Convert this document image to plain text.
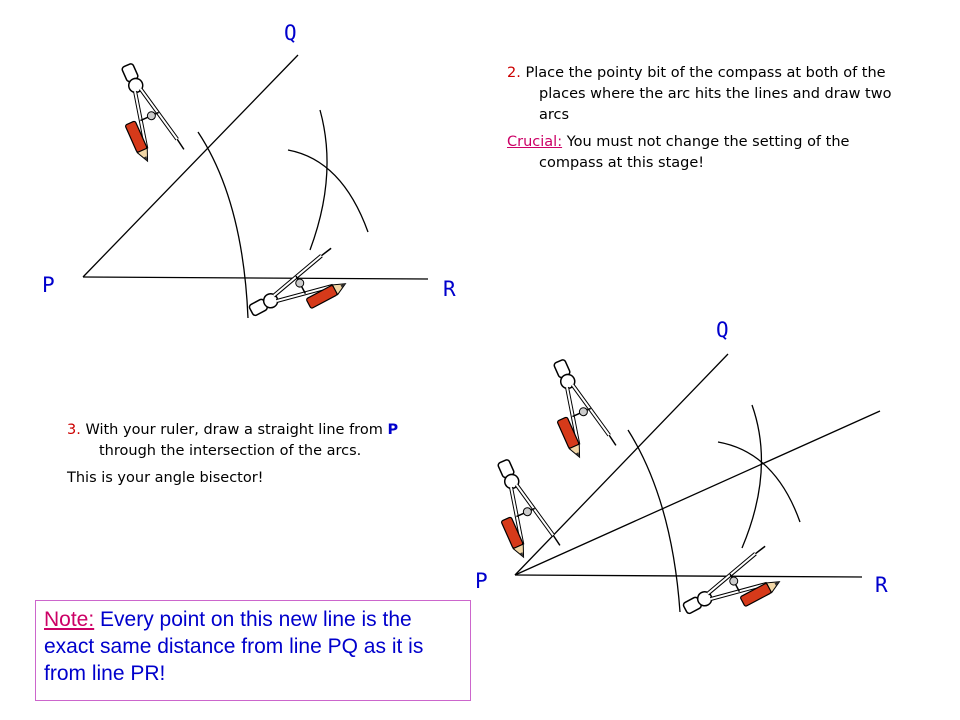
Q
P	R
Q
P	R

2. Place the pointy bit of the compass at both of the places where the arc hits the lines and draw two arcs

Crucial: You must not change the setting of the compass at this stage!

3. With your ruler, draw a straight line from P through the intersection of the arcs.

This is your angle bisector!

Note: Every point on this new line is the exact same distance from line PQ as it is from line PR!
